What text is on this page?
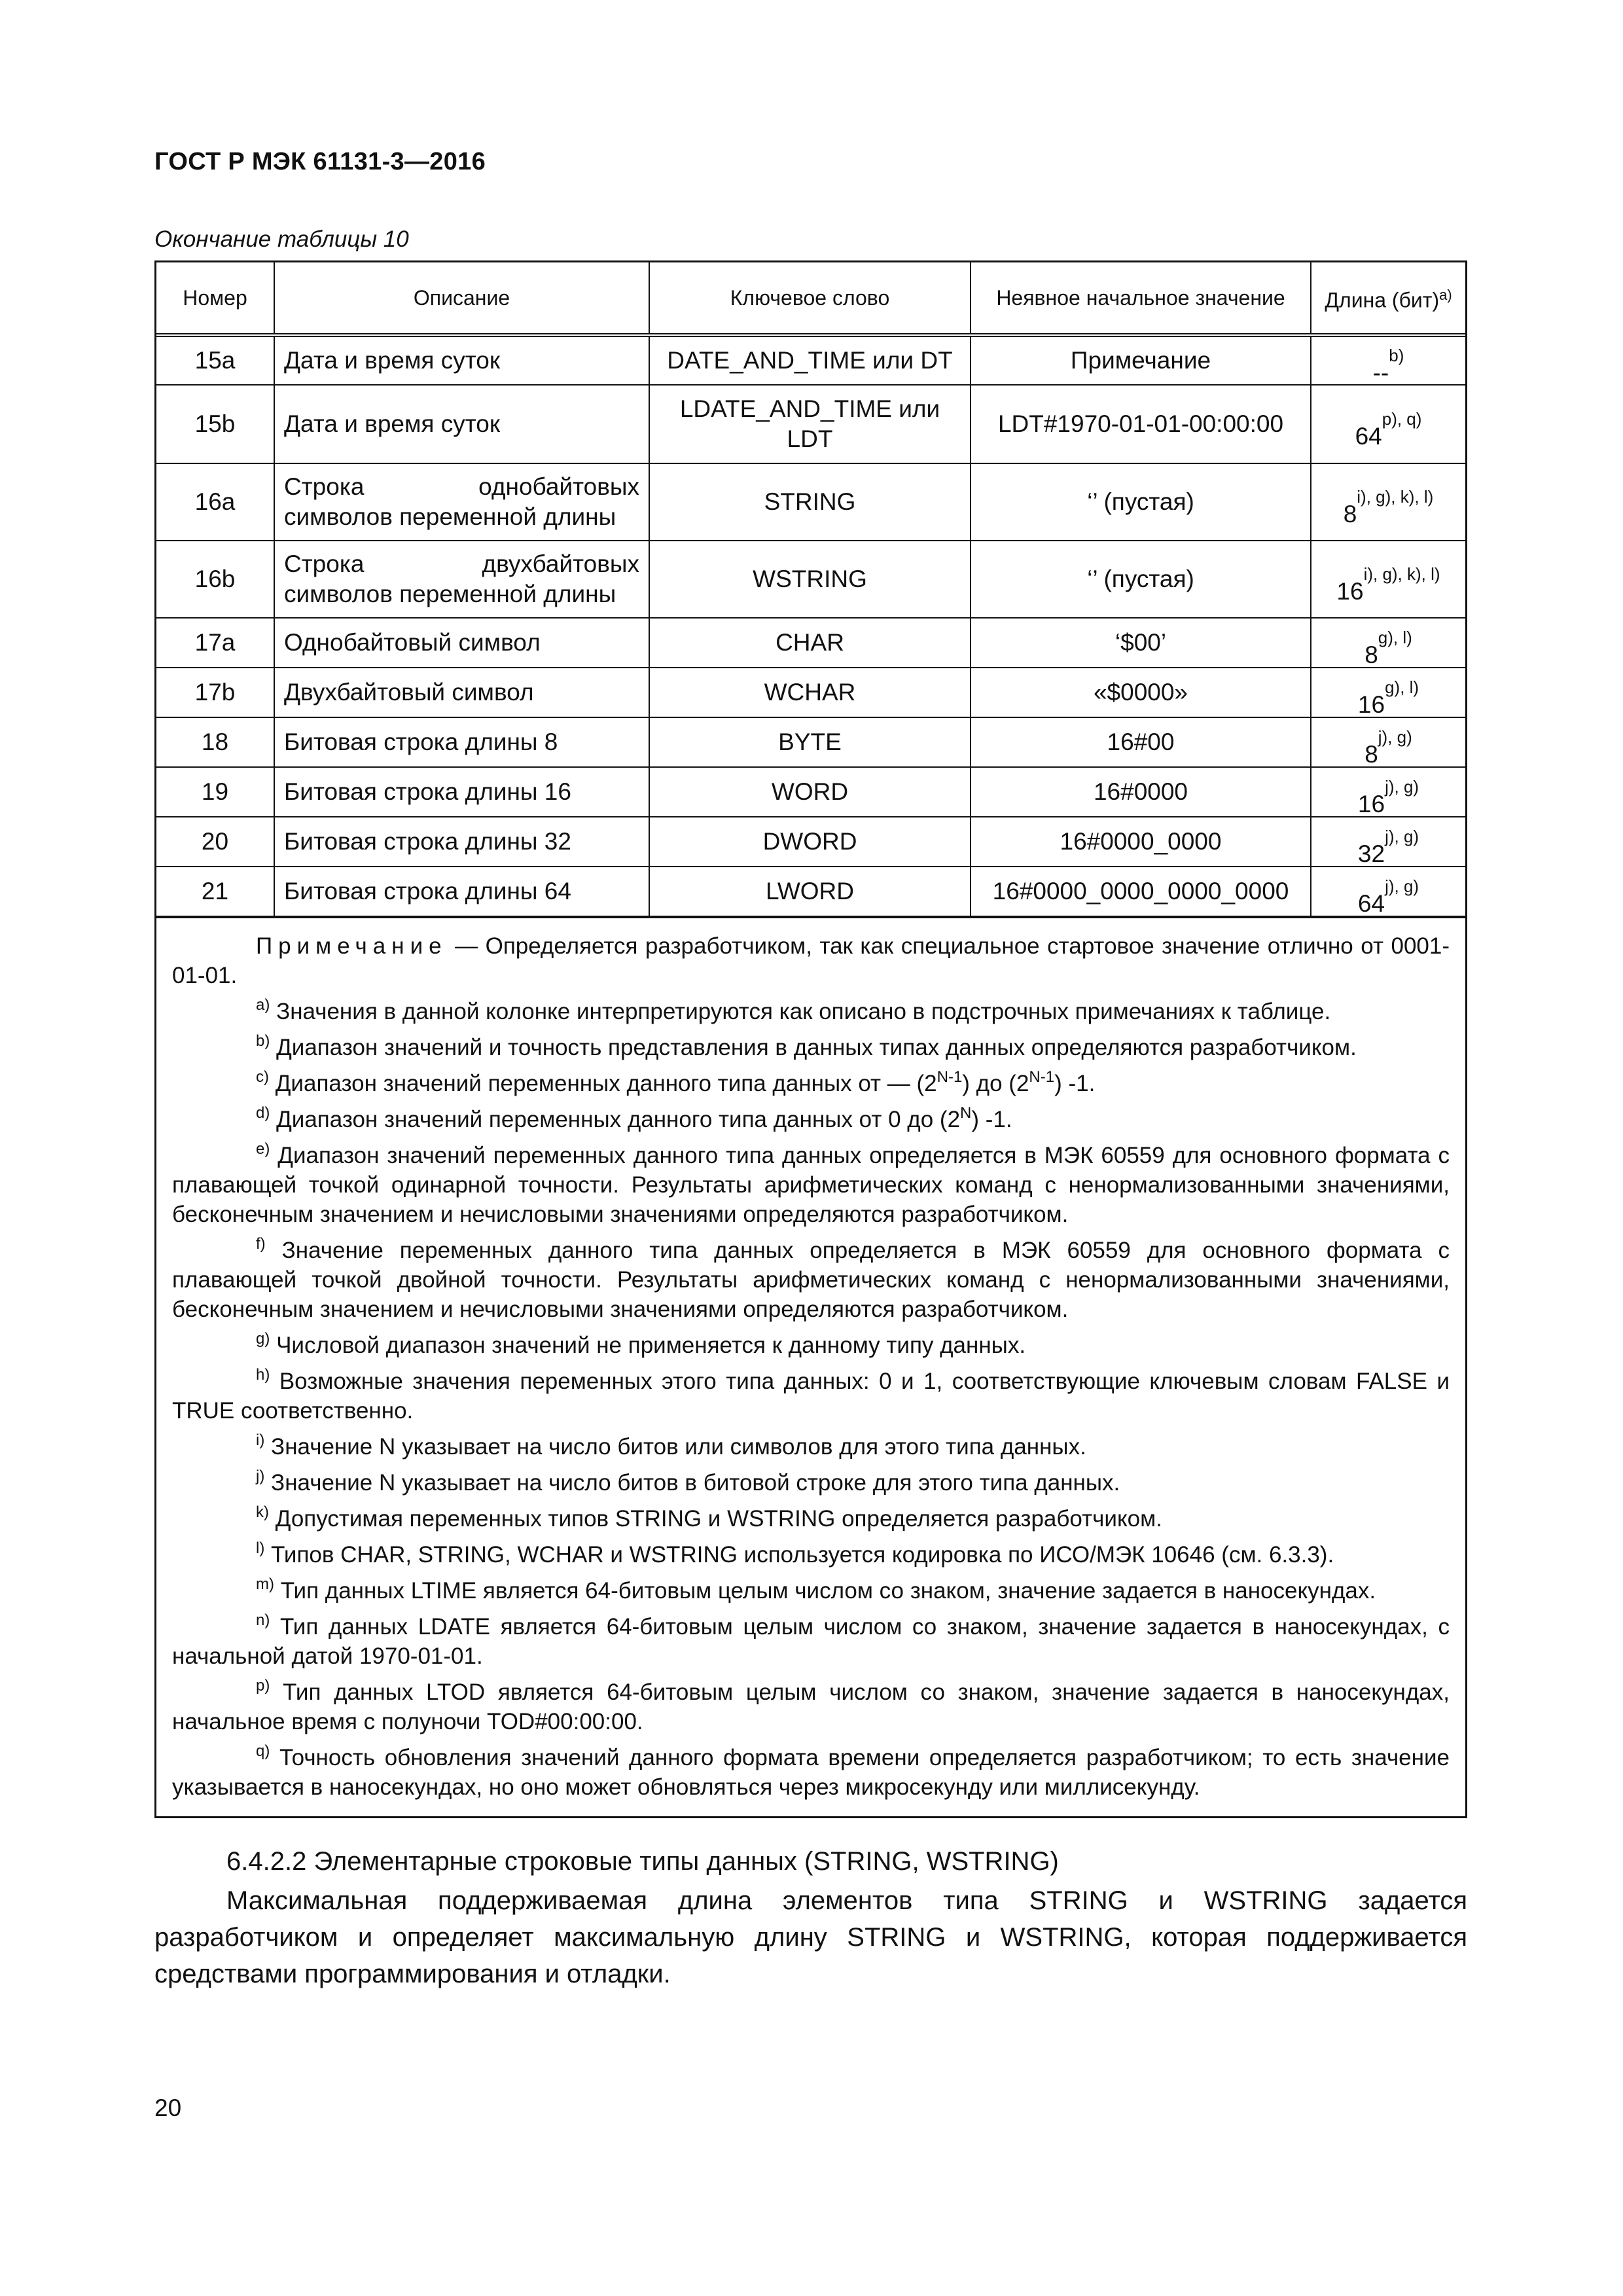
ГОСТ Р МЭК 61131-3—2016
Окончание таблицы 10
Номер	Описание	Ключевое слово	Неявное начальное значение	Длина (бит)$^{a)}$
15a	Дата и время суток	DATE_AND_TIME или DT	Примечание	--$^{b)}$
15b	Дата и время суток	LDATE_AND_TIME или LDT	LDT#1970-01-01-00:00:00	$64^{p), q)}$
16a	Строка однобайтовых символов переменной длины	STRING	‘’ (пустая)	$8^{i), g), k), l)}$
16b	Строка двухбайтовых символов переменной длины	WSTRING	‘’ (пустая)	$16^{i), g), k), l)}$
17a	Однобайтовый символ	CHAR	‘$00’	$8^{g), l)}$
17b	Двухбайтовый символ	WCHAR	«$0000»	$16^{g), l)}$
18	Битовая строка длины 8	BYTE	16#00	$8^{j), g)}$
19	Битовая строка длины 16	WORD	16#0000	$16^{j), g)}$
20	Битовая строка длины 32	DWORD	16#0000_0000	$32^{j), g)}$
21	Битовая строка длины 64	LWORD	16#0000_0000_0000_0000	$64^{j), g)}$

Примечание — Определяется разработчиком, так как специальное стартовое значение отлично от 0001-01-01.

$^{a)}$ Значения в данной колонке интерпретируются как описано в подстрочных примечаниях к таблице.

$^{b)}$ Диапазон значений и точность представления в данных типах данных определяются разработчиком.

$^{c)}$ Диапазон значений переменных данного типа данных от — $(2^{N-1})$ до $(2^{N-1})$ -1.

$^{d)}$ Диапазон значений переменных данного типа данных от 0 до $(2^N)$ -1.

$^{e)}$ Диапазон значений переменных данного типа данных определяется в МЭК 60559 для основного формата с плавающей точкой одинарной точности. Результаты арифметических команд с ненормализованными значениями, бесконечным значением и нечисловыми значениями определяются разработчиком.

$^{f)}$ Значение переменных данного типа данных определяется в МЭК 60559 для основного формата с плавающей точкой двойной точности. Результаты арифметических команд с ненормализованными значениями, бесконечным значением и нечисловыми значениями определяются разработчиком.

$^{g)}$ Числовой диапазон значений не применяется к данному типу данных.

$^{h)}$ Возможные значения переменных этого типа данных: 0 и 1, соответствующие ключевым словам FALSE и TRUE соответственно.

$^{i)}$ Значение N указывает на число битов или символов для этого типа данных.

$^{j)}$ Значение N указывает на число битов в битовой строке для этого типа данных.

$^{k)}$ Допустимая переменных типов STRING и WSTRING определяется разработчиком.

$^{l)}$ Типов CHAR, STRING, WCHAR и WSTRING используется кодировка по ИСО/МЭК 10646 (см. 6.3.3).

$^{m)}$ Тип данных LTIME является 64-битовым целым числом со знаком, значение задается в наносекундах.

$^{n)}$ Тип данных LDATE является 64-битовым целым числом со знаком, значение задается в наносекундах, с начальной датой 1970-01-01.

$^{p)}$ Тип данных LTOD является 64-битовым целым числом со знаком, значение задается в наносекундах, начальное время с полуночи TOD#00:00:00.

$^{q)}$ Точность обновления значений данного формата времени определяется разработчиком; то есть значение указывается в наносекундах, но оно может обновляться через микросекунду или миллисекунду.

6.4.2.2 Элементарные строковые типы данных (STRING, WSTRING)
Максимальная поддерживаемая длина элементов типа STRING и WSTRING задается разработчиком и определяет максимальную длину STRING и WSTRING, которая поддерживается средствами программирования и отладки.
20
